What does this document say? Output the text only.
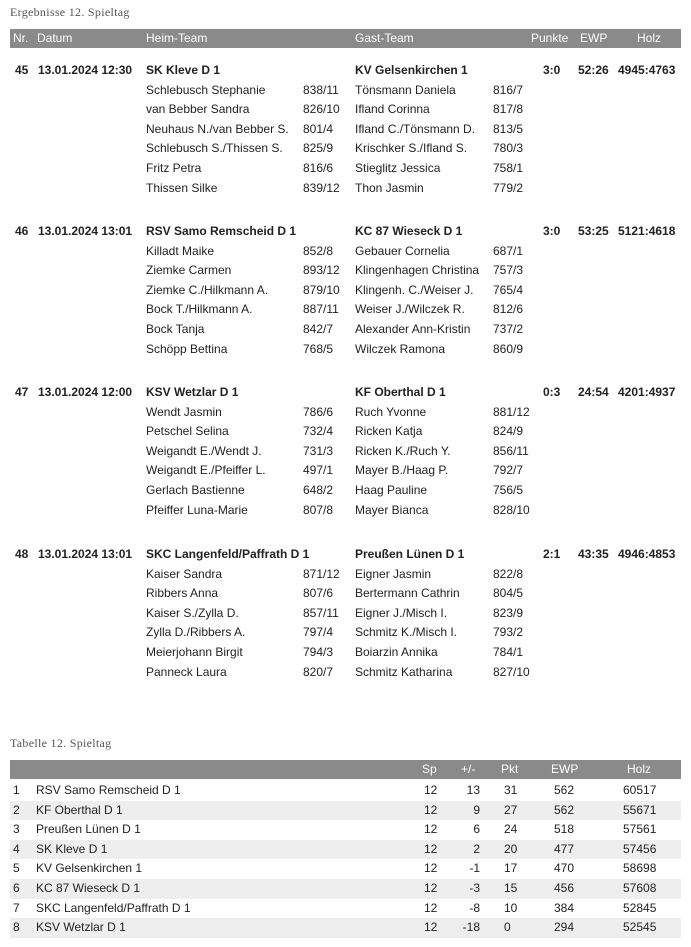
Ergebnisse 12. Spieltag
Nr. Datum	Heim-Team	Gast-Team	Punkte EWP Holz
45 13.01.2024 12:30 SK Kleve D 1	KV Gelsenkirchen 1	3:0 52:26 4945:4763
Schlebusch Stephanie	838/11 Tönsmann Daniela	816/7
van Bebber Sandra	826/10 Ifland Corinna	817/8
Neuhaus N./van Bebber S. 801/4 Ifland C./Tönsmann D. 813/5
Schlebusch S./Thissen S. 825/9 Krischker S./Ifland S. 780/3
Fritz Petra	816/6 Stieglitz Jessica	758/1
Thissen Silke	839/12 Thon Jasmin	779/2
46 13.01.2024 13:01 RSV Samo Remscheid D 1	KC 87 Wieseck D 1	3:0 53:25 5121:4618
Killadt Maike	852/8 Gebauer Cornelia	687/1
Ziemke Carmen	893/12 Klingenhagen Christina 757/3
Ziemke C./Hilkmann A.	879/10 Klingenh. C./Weiser J. 765/4
Bock T./Hilkmann A.	887/11 Weiser J./Wilczek R. 812/6
Bock Tanja	842/7 Alexander Ann-Kristin 737/2
Schöpp Bettina	768/5 Wilczek Ramona	860/9
47 13.01.2024 12:00 KSV Wetzlar D 1	KF Oberthal D 1	0:3 24:54 4201:4937
Wendt Jasmin	786/6 Ruch Yvonne	881/12
Petschel Selina	732/4 Ricken Katja	824/9
Weigandt E./Wendt J.	731/3 Ricken K./Ruch Y.	856/11
Weigandt E./Pfeiffer L.	497/1 Mayer B./Haag P.	792/7
Gerlach Bastienne	648/2 Haag Pauline	756/5
Pfeiffer Luna-Marie	807/8 Mayer Bianca	828/10
48 13.01.2024 13:01 SKC Langenfeld/Paffrath D 1	Preußen Lünen D 1	2:1 43:35 4946:4853
Kaiser Sandra	871/12 Eigner Jasmin	822/8
Ribbers Anna	807/6 Bertermann Cathrin	804/5
Kaiser S./Zylla D.	857/11 Eigner J./Misch I.	823/9
Zylla D./Ribbers A.	797/4 Schmitz K./Misch I.	793/2
Meierjohann Birgit	794/3 Boiarzin Annika	784/1
Panneck Laura	820/7 Schmitz Katharina	827/10
Tabelle 12. Spieltag
Sp +/- Pkt	EWP	Holz
1 RSV Samo Remscheid D 1	12	13 31	562	60517
2 KF Oberthal D 1	12	9 27	562	55671
3 Preußen Lünen D 1	12	6 24	518	57561
4 SK Kleve D 1	12	2 20	477	57456
5 KV Gelsenkirchen 1	12	-1 17	470	58698
6 KC 87 Wieseck D 1	12	-3 15	456	57608
7 SKC Langenfeld/Paffrath D 1	12	-8 10	384	52845
8 KSV Wetzlar D 1	12	-18 0	294	52545
